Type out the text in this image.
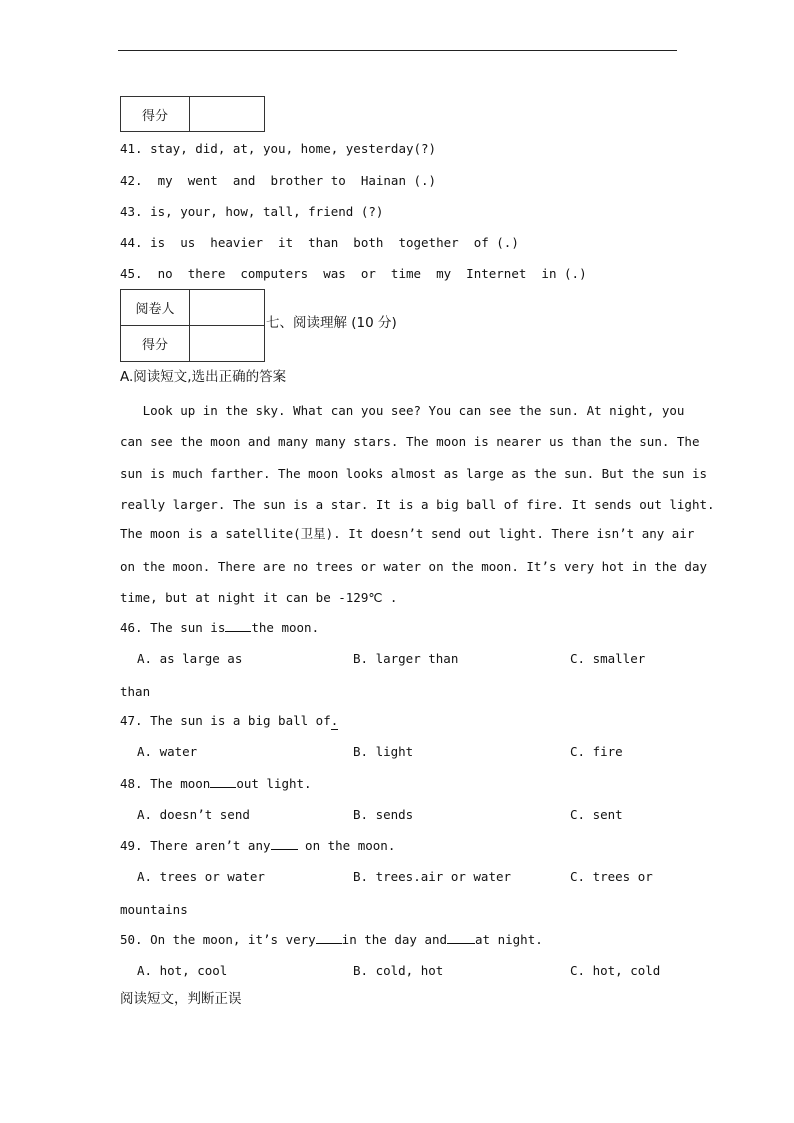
得分	
41. stay, did, at, you, home, yesterday(?)
42.  my  went  and  brother to  Hainan (.)
43. is, your, how, tall, friend (?)
44. is  us  heavier  it  than  both  together  of (.)
45.  no  there  computers  was  or  time  my  Internet  in (.)
阅卷人	
得分	
七、阅读理解 (10 分)
A.阅读短文,选出正确的答案
Look up in the sky. What can you see? You can see the sun. At night, you
can see the moon and many many stars. The moon is nearer us than the sun. The
sun is much farther. The moon looks almost as large as the sun. But the sun is
really larger. The sun is a star. It is a big ball of fire. It sends out light.
The moon is a satellite(卫星). It doesn’t send out light. There isn’t any air
on the moon. There are no trees or water on the moon. It’s very hot in the day
time, but at night it can be -129℃ .
46. The sun is the moon.
A. as large as	B. larger than	C. smaller
than
47. The sun is a big ball of.
A. water	B. light	C. fire
48. The moon out light.
A. doesn’t send	B. sends	C. sent
49. There aren’t any on the moon.
A. trees or water	B. trees.air or water	C. trees or
mountains
50. On the moon, it’s very in the day and at night.
A. hot, cool	B. cold, hot	C. hot, cold
阅读短文，判断正误
